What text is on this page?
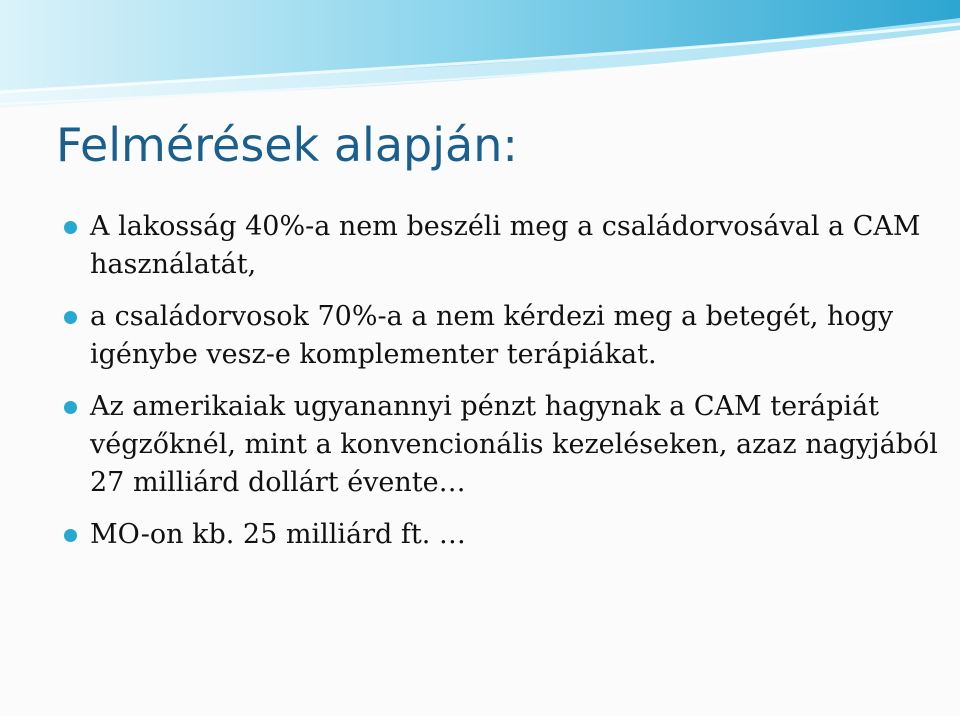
Felmérések alapján:
A lakosság 40%-a nem beszéli meg a családorvosával a CAM használatát,
a családorvosok 70%-a a nem kérdezi meg a betegét, hogy igénybe vesz-e komplementer terápiákat.
Az amerikaiak ugyanannyi pénzt hagynak a CAM terápiát végzőknél, mint a konvencionális kezeléseken, azaz nagyjából 27 milliárd dollárt évente…
MO-on kb. 25 milliárd ft. …
